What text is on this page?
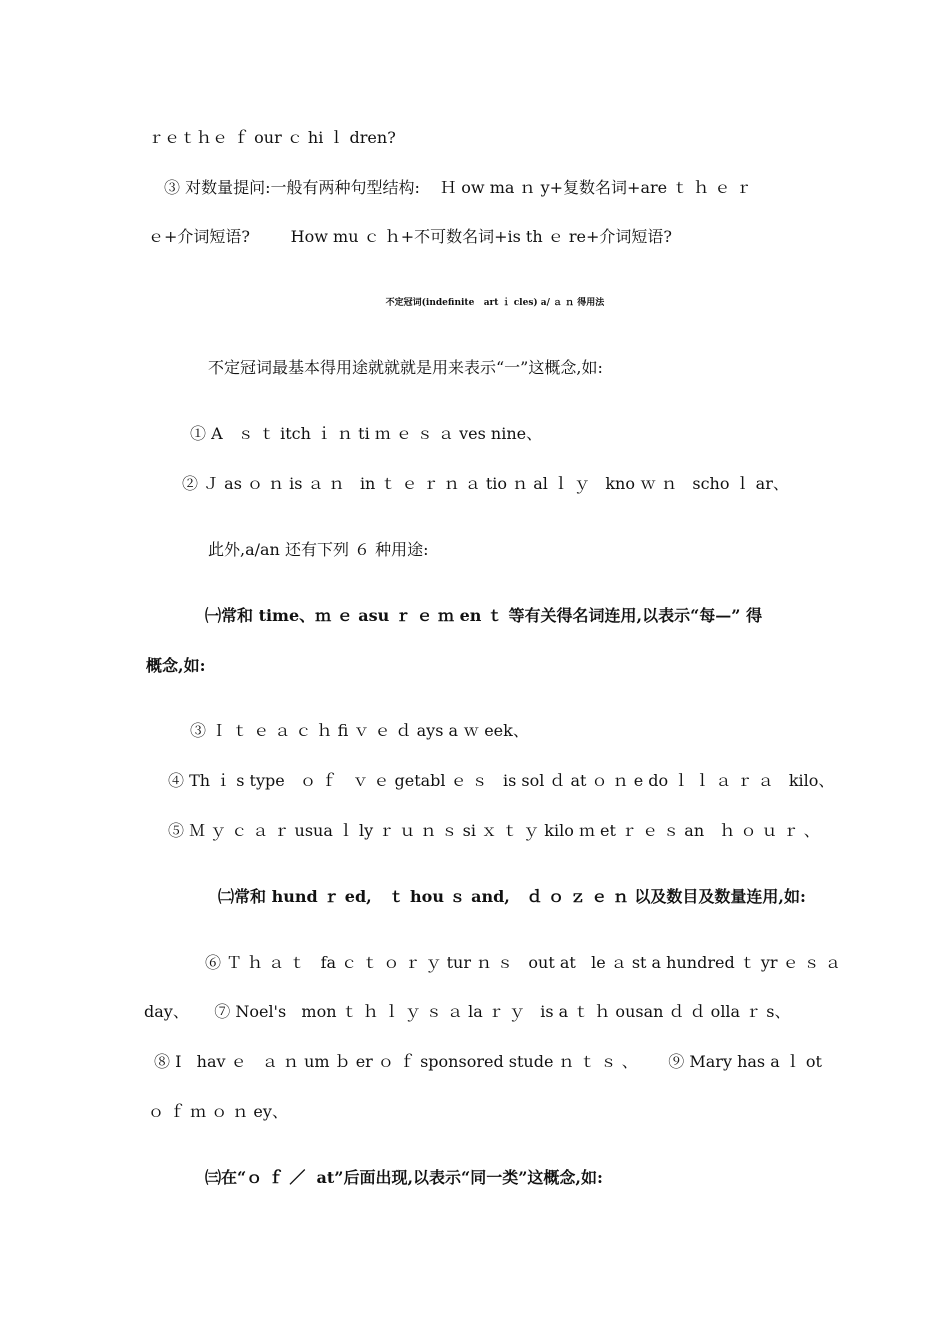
ｒｅｔｈｅ ｆ our ｃ hi ｌ dren?
③ 对数量提问:一般有两种句型结构:    Ｈ ow ma ｎ y+复数名词+are ｔ ｈ ｅ ｒ
ｅ+介词短语?        How mu ｃ ｈ+不可数名词+is th ｅ re+介词短语?
不定冠词(indefinite   art ｉ cles) a/ ａ ｎ 得用法
不定冠词最基本得用途就就就是用来表示“一”这概念,如:
① A   ｓ ｔ itch ｉ ｎ ti ｍ ｅ ｓ ａ ves nine、
② Ｊ as ｏ ｎ is ａ ｎ   in ｔ ｅ ｒ ｎ ａ tio ｎ al ｌ ｙ   kno ｗ ｎ   scho ｌ ar、
此外,a/an 还有下列 ６ 种用途:
㈠常和 time、ｍ ｅ asu ｒ ｅ ｍ en ｔ 等有关得名词连用,以表示“每—” 得
概念,如:
③ Ｉ ｔ ｅ ａ ｃ ｈ fi ｖ ｅ ｄ ays a ｗ eek、
④ Th ｉ s type   ｏ ｆ   ｖ ｅ getabl ｅ ｓ   is sol ｄ at ｏ ｎ e do ｌ ｌ ａ ｒ ａ   kilo、
⑤ Ｍ ｙ ｃ ａ ｒ usua ｌ ly ｒ ｕ ｎ ｓ si ｘ ｔ ｙ kilo ｍ et ｒ ｅ ｓ an   ｈ ｏ ｕ ｒ 、
㈡常和 hund ｒ ed,   ｔ hou ｓ and,   ｄ ｏ ｚ ｅ ｎ 以及数目及数量连用,如:
⑥ Ｔ ｈ ａ ｔ   fa ｃ ｔ ｏ ｒ ｙ tur ｎ ｓ   out at   le ａ st a hundred ｔ yr ｅ ｓ ａ
day、     ⑦ Noel's   mon ｔ ｈ ｌ ｙ ｓ ａ la ｒ ｙ   is a ｔ ｈ ousan ｄ ｄ olla ｒ s、
⑧ I   hav ｅ   ａ ｎ um ｂ er ｏ ｆ sponsored stude ｎ ｔ ｓ 、      ⑨ Mary has a ｌ ot
ｏ ｆ ｍ ｏ ｎ ey、
㈢在“ｏ ｆ ／  at”后面出现,以表示“同一类”这概念,如:
